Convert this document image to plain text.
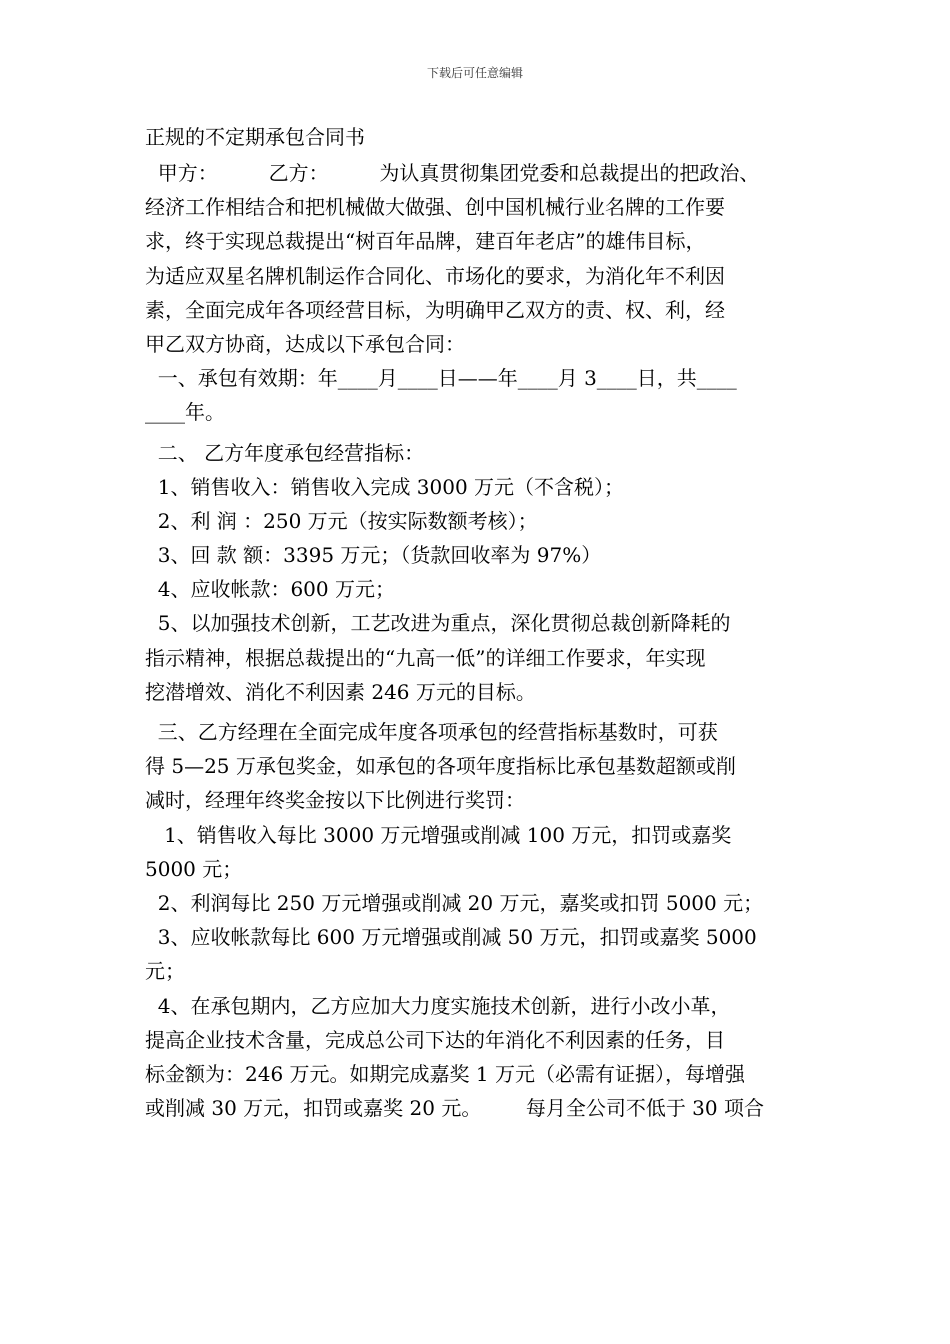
下载后可任意编辑
正规的不定期承包合同书
甲方：        乙方：        为认真贯彻集团党委和总裁提出的把政治、
经济工作相结合和把机械做大做强、创中国机械行业名牌的工作要
求，终于实现总裁提出“树百年品牌，建百年老店”的雄伟目标，
为适应双星名牌机制运作合同化、市场化的要求，为消化年不利因
素，全面完成年各项经营目标，为明确甲乙双方的责、权、利，经
甲乙双方协商，达成以下承包合同：
一、承包有效期：年____月____日——年____月 3____日，共____
____年。
二、 乙方年度承包经营指标：
1、销售收入：销售收入完成 3000 万元（不含税）；
2、利 润 ：250 万元（按实际数额考核）；
3、回 款 额：3395 万元；（货款回收率为 97%）
4、应收帐款：600 万元；
5、以加强技术创新，工艺改进为重点，深化贯彻总裁创新降耗的
指示精神，根据总裁提出的“九高一低”的详细工作要求，年实现
挖潜增效、消化不利因素 246 万元的目标。
三、乙方经理在全面完成年度各项承包的经营指标基数时，可获
得 5—25 万承包奖金，如承包的各项年度指标比承包基数超额或削
减时，经理年终奖金按以下比例进行奖罚：
1、销售收入每比 3000 万元增强或削减 100 万元，扣罚或嘉奖
5000 元；
2、利润每比 250 万元增强或削减 20 万元，嘉奖或扣罚 5000 元；
3、应收帐款每比 600 万元增强或削减 50 万元，扣罚或嘉奖 5000
元；
4、在承包期内，乙方应加大力度实施技术创新，进行小改小革，
提高企业技术含量，完成总公司下达的年消化不利因素的任务，目
标金额为：246 万元。如期完成嘉奖 1 万元（必需有证据），每增强
或削减 30 万元，扣罚或嘉奖 20 元。       每月全公司不低于 30 项合
